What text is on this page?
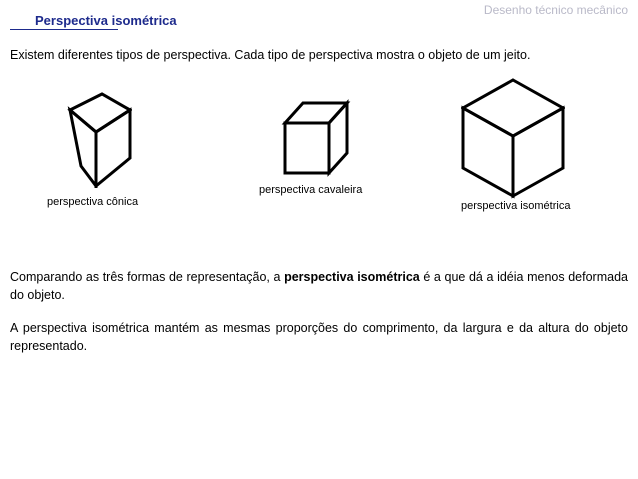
Desenho técnico mecânico
Perspectiva isométrica
Existem diferentes tipos de perspectiva. Cada tipo de perspectiva mostra o objeto de um jeito.
perspectiva cônica
perspectiva cavaleira
perspectiva isométrica
Comparando as três formas de representação, a perspectiva isométrica é a que dá a idéia menos deformada do objeto.
A perspectiva isométrica mantém as mesmas proporções do comprimento, da largura e da altura do objeto representado.
